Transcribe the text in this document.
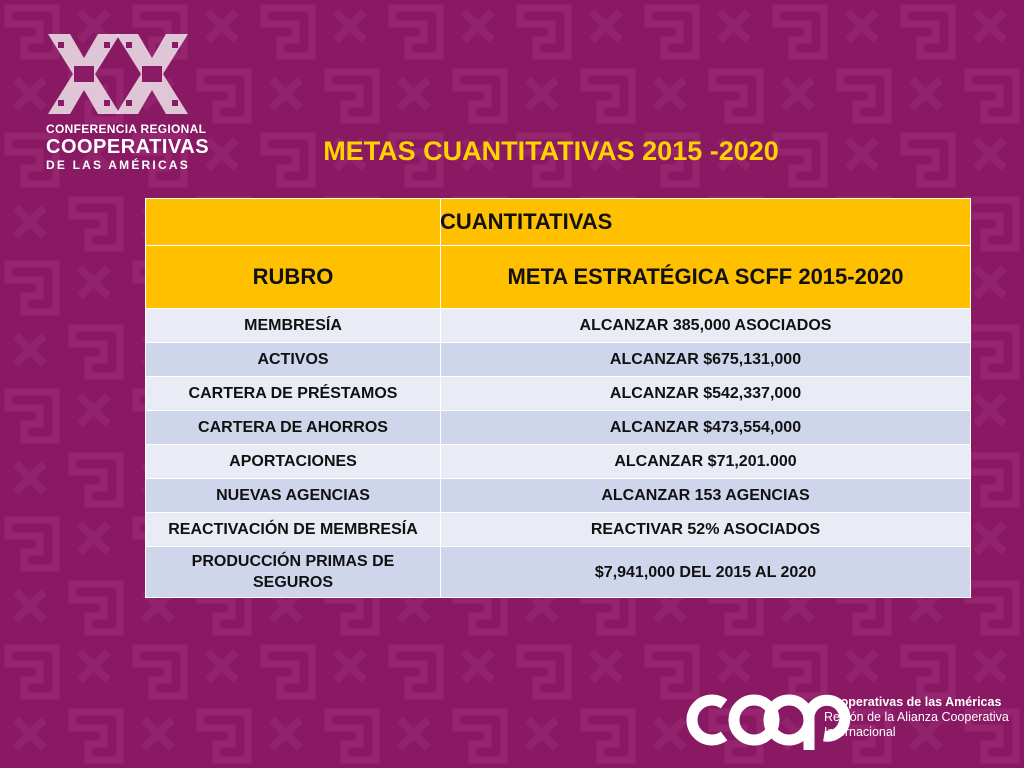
CONFERENCIA REGIONAL
COOPERATIVAS
DE LAS AMÉRICAS	METAS CUANTITATIVAS 2015 -2020
	CUANTITATIVAS
RUBRO	META ESTRATÉGICA SCFF 2015-2020
MEMBRESÍA	ALCANZAR 385,000 ASOCIADOS
ACTIVOS	ALCANZAR $675,131,000
CARTERA DE PRÉSTAMOS	ALCANZAR $542,337,000
CARTERA DE AHORROS	ALCANZAR $473,554,000
APORTACIONES	ALCANZAR $71,201.000
NUEVAS AGENCIAS	ALCANZAR 153 AGENCIAS
REACTIVACIÓN DE MEMBRESÍA	REACTIVAR 52% ASOCIADOS
PRODUCCIÓN PRIMAS DE SEGUROS	$7,941,000 DEL 2015 AL 2020
COOP
Cooperativas de las Américas
Región de la Alianza Cooperativa
Internacional
